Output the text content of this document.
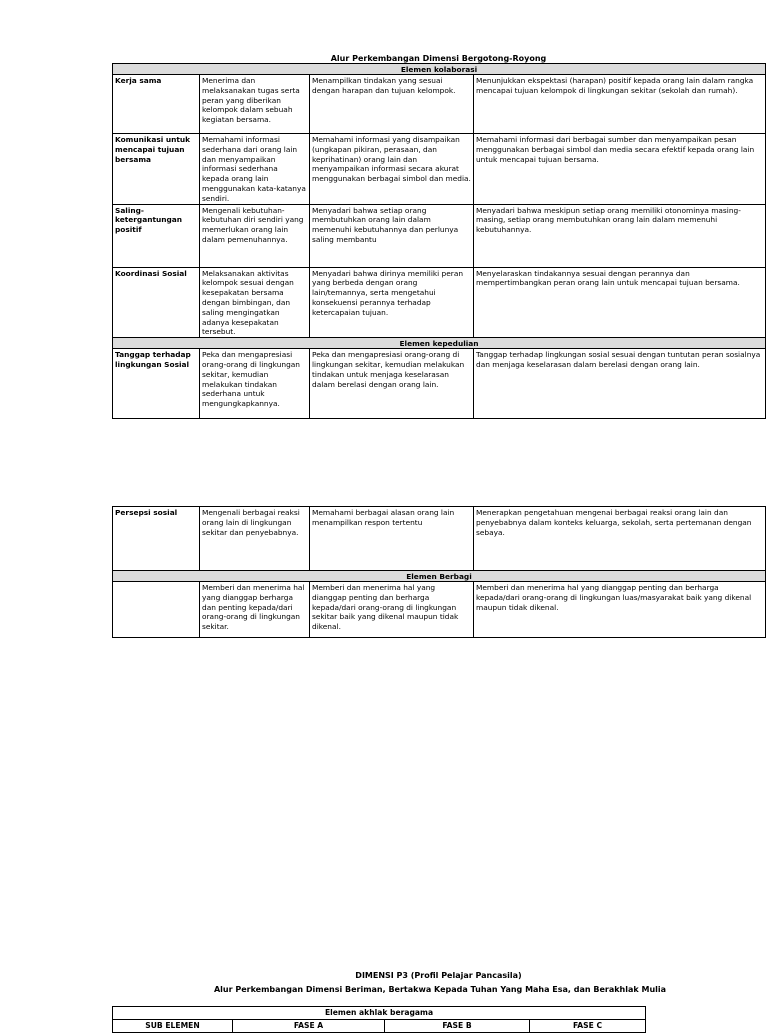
Alur Perkembangan Dimensi Bergotong-Royong
Elemen kolaborasi			
Kerja sama	Menerima dan melaksanakan tugas serta peran yang diberikan kelompok dalam sebuah kegiatan bersama.	Menampilkan tindakan yang sesuai dengan harapan dan tujuan kelompok.	Menunjukkan ekspektasi (harapan) positif kepada orang lain dalam rangka mencapai tujuan kelompok di lingkungan sekitar (sekolah dan rumah).
Komunikasi untuk mencapai tujuan bersama	Memahami informasi sederhana dari orang lain dan menyampaikan informasi sederhana kepada orang lain menggunakan kata-katanya sendiri.	Memahami informasi yang disampaikan (ungkapan pikiran, perasaan, dan keprihatinan) orang lain dan menyampaikan informasi secara akurat menggunakan berbagai simbol dan media.	Memahami informasi dari berbagai sumber dan menyampaikan pesan menggunakan berbagai simbol dan media secara efektif kepada orang lain untuk mencapai tujuan bersama.
Saling-ketergantungan positif	Mengenali kebutuhan-kebutuhan diri sendiri yang memerlukan orang lain dalam pemenuhannya.	Menyadari bahwa setiap orang membutuhkan orang lain dalam memenuhi kebutuhannya dan perlunya saling membantu	Menyadari bahwa meskipun setiap orang memiliki otonominya masing-masing, setiap orang membutuhkan orang lain dalam memenuhi kebutuhannya.
Koordinasi Sosial	Melaksanakan aktivitas kelompok sesuai dengan kesepakatan bersama dengan bimbingan, dan saling mengingatkan adanya kesepakatan tersebut.	Menyadari bahwa dirinya memiliki peran yang berbeda dengan orang lain/temannya, serta mengetahui konsekuensi perannya terhadap ketercapaian tujuan.	Menyelaraskan tindakannya sesuai dengan perannya dan mempertimbangkan peran orang lain untuk mencapai tujuan bersama.
Elemen kepedulian			
Tanggap terhadap lingkungan Sosial	Peka dan mengapresiasi orang-orang di lingkungan sekitar, kemudian melakukan tindakan sederhana untuk mengungkapkannya.	Peka dan mengapresiasi orang-orang di lingkungan sekitar, kemudian melakukan tindakan untuk menjaga keselarasan dalam berelasi dengan orang lain.	Tanggap terhadap lingkungan sosial sesuai dengan tuntutan peran sosialnya dan menjaga keselarasan dalam berelasi dengan orang lain.
Persepsi sosial	Mengenali berbagai reaksi orang lain di lingkungan sekitar dan penyebabnya.	Memahami berbagai alasan orang lain menampilkan respon tertentu	Menerapkan pengetahuan mengenai berbagai reaksi orang lain dan penyebabnya dalam konteks keluarga, sekolah, serta pertemanan dengan sebaya.
Elemen Berbagi			
	Memberi dan menerima hal yang dianggap berharga dan penting kepada/dari orang-orang di lingkungan sekitar.	Memberi dan menerima hal yang dianggap penting dan berharga kepada/dari orang-orang di lingkungan sekitar baik yang dikenal maupun tidak dikenal.	Memberi dan menerima hal yang dianggap penting dan berharga kepada/dari orang-orang di lingkungan luas/masyarakat baik yang dikenal maupun tidak dikenal.
DIMENSI P3 (Profil Pelajar Pancasila)
Alur Perkembangan Dimensi Beriman, Bertakwa Kepada Tuhan Yang Maha Esa, dan Berakhlak Mulia
Elemen akhlak beragama
SUB ELEMEN	FASE A	FASE B	FASE C
